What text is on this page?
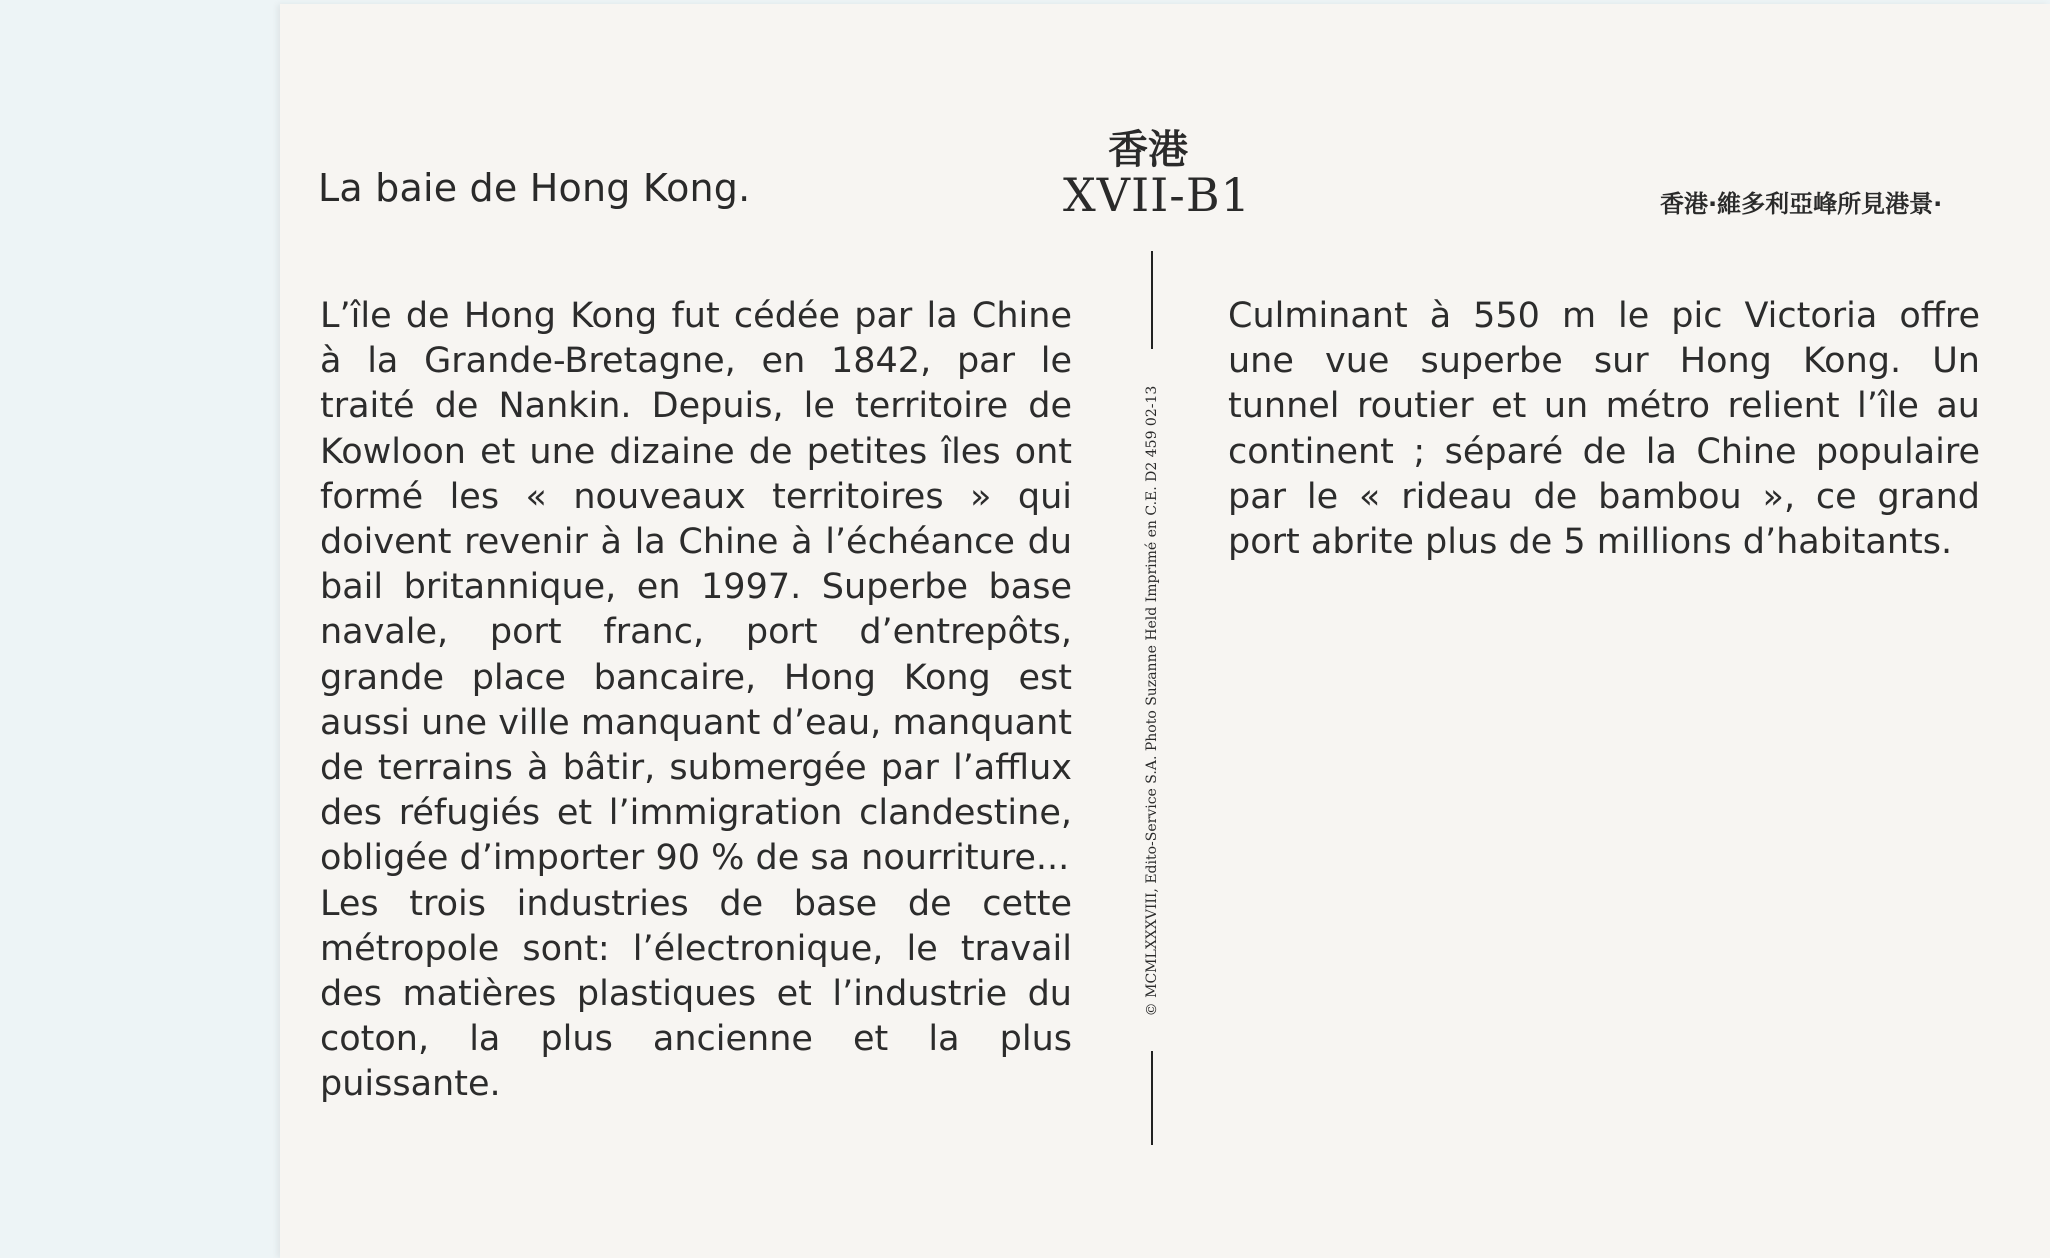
La baie de Hong Kong.
香港
XVII-B1	香港·維多利亞峰所見港景·

L’île de Hong Kong fut cédée par la Chine à la Grande-Bretagne, en 1842, par le traité de Nankin. Depuis, le territoire de Kowloon et une dizaine de petites îles ont formé les « nouveaux territoires » qui doivent revenir à la Chine à l’échéance du bail britannique, en 1997. Superbe base navale, port franc, port d’entrepôts, grande place bancaire, Hong Kong est aussi une ville manquant d’eau, manquant de terrains à bâtir, submergée par l’afflux des réfugiés et l’immigration clandestine, obligée d’importer 90 % de sa nourriture...

Les trois industries de base de cette métropole sont: l’électronique, le travail des matières plastiques et l’industrie du coton, la plus ancienne et la plus puissante.

© MCMLXXXVIII, Edito-Service S.A. Photo Suzanne Held Imprimé en C.E. D2 459 02-13

Culminant à 550 m le pic Victoria offre une vue superbe sur Hong Kong. Un tunnel routier et un métro relient l’île au continent ; séparé de la Chine populaire par le « rideau de bambou », ce grand port abrite plus de 5 millions d’habitants.
